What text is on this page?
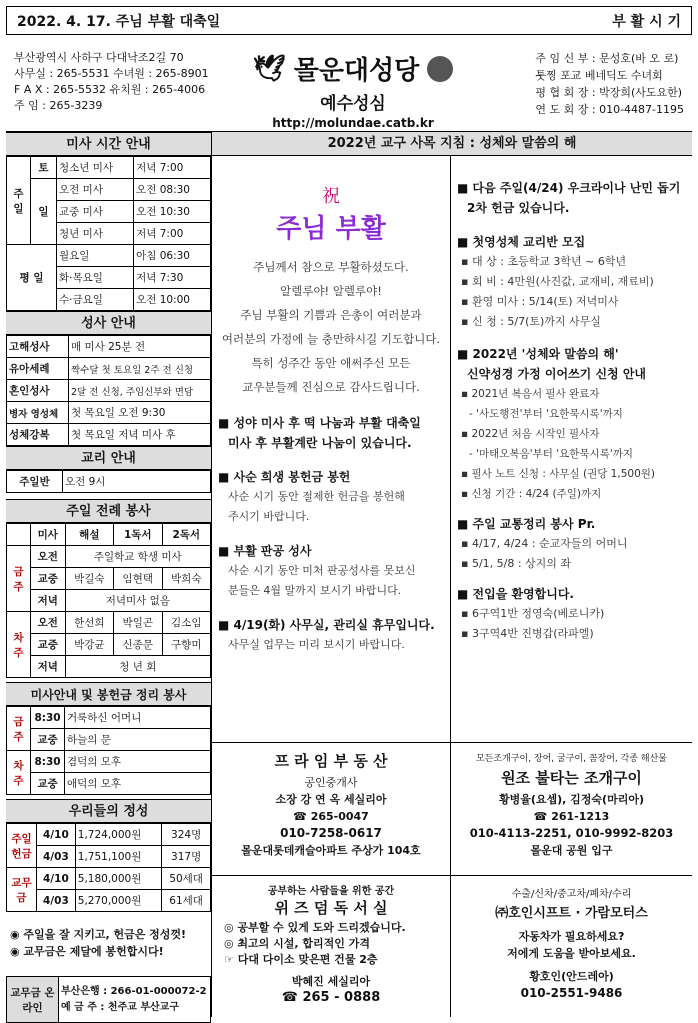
2022. 4. 17. 주님 부활 대축일	부 활 시 기
부산광역시 사하구 다대낙조2길 70
사무실 : 265-5531 수녀원 : 265-8901
F A X : 265-5532 유치원 : 265-4006
주 임 : 265-3239
🕊 몰운대성당
예수성심
http://molundae.catb.kr
주 임 신 부 : 문성호(바 오 로)
툿찡 포교 베네딕도 수녀회
평 협 회 장 : 박장희(사도요한)
연 도 회 장 : 010-4487-1195
미사 시간 안내
주 일	토	청소년 미사	저녁 7:00
	일	오전 미사	오전 08:30
		교중 미사	오전 10:30
		청년 미사	저녁 7:00
평 일		월요일	아침 06:30
		화·목요일	저녁 7:30
		수·금요일	오전 10:00
성사 안내
고해성사	매 미사 25분 전
유아세례	짝수달 첫 토요일 2주 전 신청
혼인성사	2달 전 신청, 주임신부와 면담
병자 영성체	첫 목요일 오전 9:30
성체강복	첫 목요일 저녁 미사 후
교리 안내
주일반	오전 9시
주일 전례 봉사
	미사	해설	1독서	2독서
금주	오전	주일학교 학생 미사		
	교중	박길숙	임현택	박희숙
	저녁	저녁미사 없음		
차주	오전	한선희	박일곤	김소임
	교중	박강균	신종문	구향미
	저녁	청 년 회		
미사안내 및 봉헌금 정리 봉사
금주	8:30	거룩하신 어머니
	교중	하늘의 문
차주	8:30	겸덕의 모후
	교중	애덕의 모후
우리들의 정성
주일 헌금	4/10	1,724,000원	324명
	4/03	1,751,100원	317명
교무금	4/10	5,180,000원	50세대
	4/03	5,270,000원	61세대
◉ 주일을 잘 지키고, 헌금은 정성껏!
◉ 교무금은 제달에 봉헌합시다!
교무금 온라인	
부산은행 : 266-01-000072-2
예 금 주 : 천주교 부산교구
2022년 교구 사목 지침 : 성체와 말씀의 해
祝
주님 부활
주님께서 참으로 부활하셨도다.
알렐루야! 알렐루야!
주님 부활의 기쁨과 은총이 여러분과
여러분의 가정에 늘 충만하시길 기도합니다.
특히 성주간 동안 애써주신 모든
교우분들께 진심으로 감사드립니다.
■ 성야 미사 후 떡 나눔과 부활 대축일
미사 후 부활계란 나눔이 있습니다.
■ 사순 희생 봉헌금 봉헌
사순 시기 동안 절제한 헌금을 봉헌해
주시기 바랍니다.
■ 부활 판공 성사
사순 시기 동안 미처 판공성사를 못보신
분들은 4월 말까지 보시기 바랍니다.
■ 4/19(화) 사무실, 관리실 휴무입니다.
사무실 업무는 미리 보시기 바랍니다.
■ 다음 주일(4/24) 우크라이나 난민 돕기
2차 헌금 있습니다.
■ 첫영성체 교리반 모집
▪ 대 상 : 초등학교 3학년 ~ 6학년
▪ 회 비 : 4만원(사진값, 교재비, 재료비)
▪ 환영 미사 : 5/14(토) 저녁미사
▪ 신 청 : 5/7(토)까지 사무실
■ 2022년 '성체와 말씀의 해'
신약성경 가정 이어쓰기 신청 안내
▪ 2021년 복음서 필사 완료자
- '사도행전'부터 '요한묵시록'까지
▪ 2022년 처음 시작인 필사자
- '마태오복음'부터 '요한묵시록'까지
▪ 필사 노트 신청 : 사무실 (권당 1,500원)
▪ 신청 기간 : 4/24 (주일)까지
■ 주일 교통정리 봉사 Pr.
▪ 4/17, 4/24 : 순교자들의 어머니
▪ 5/1, 5/8 : 상지의 좌
■ 전입을 환영합니다.
▪ 6구역1반 정영숙(베로니카)
▪ 3구역4반 진병갑(라파엘)
프 라 임 부 동 산
공인중개사
소장 강 연 옥 세실리아
☎ 265-0047
010-7258-0617
몰운대롯데캐슬아파트 주상가 104호
모든조개구이, 장어, 굴구이, 꼼장어, 각종 해산물
원조 불타는 조개구이
황병율(요셉), 김정숙(마리아)
☎ 261-1213
010-4113-2251, 010-9992-8203
몰운대 공원 입구
공부하는 사람들을 위한 공간
위 즈 덤 독 서 실
◎ 공부할 수 있게 도와 드리겠습니다.
◎ 최고의 시설, 합리적인 가격
☞ 다대 다이소 맞은편 건물 2층
박혜진 세실리아
☎ 265 - 0888
수출/신차/중고차/폐차/수리
㈜호인시프트 · 가람모터스
자동차가 필요하세요?
저에게 도움을 받아보세요.
황호인(안드레아)
010-2551-9486
